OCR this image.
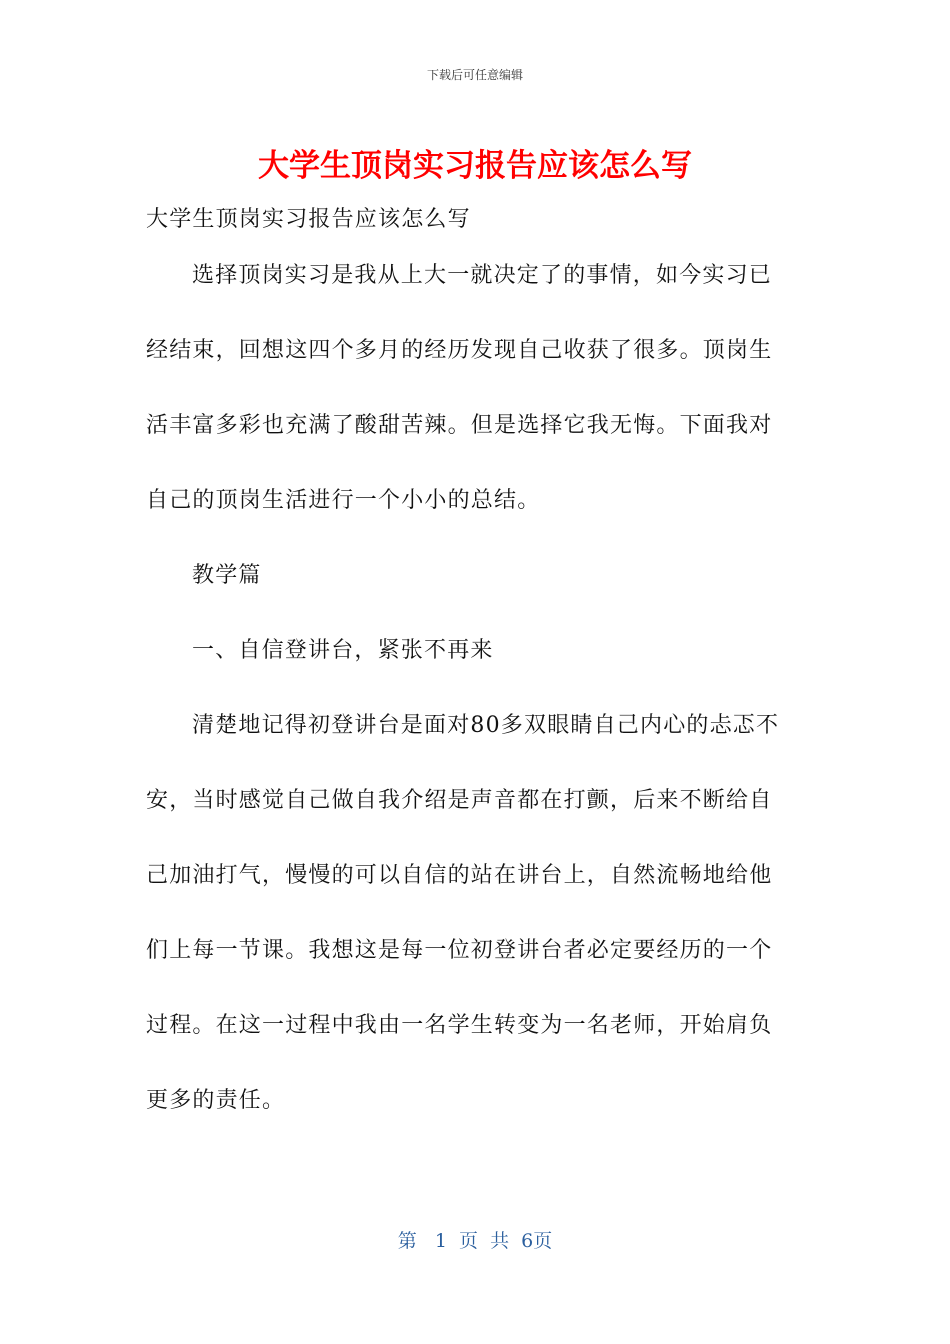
下载后可任意编辑
大学生顶岗实习报告应该怎么写
大学生顶岗实习报告应该怎么写
选择顶岗实习是我从上大一就决定了的事情，如今实习已
经结束，回想这四个多月的经历发现自己收获了很多。顶岗生
活丰富多彩也充满了酸甜苦辣。但是选择它我无悔。下面我对
自己的顶岗生活进行一个小小的总结。
教学篇
一、自信登讲台，紧张不再来
清楚地记得初登讲台是面对80多双眼睛自己内心的忐忑不
安，当时感觉自己做自我介绍是声音都在打颤，后来不断给自
己加油打气，慢慢的可以自信的站在讲台上，自然流畅地给他
们上每一节课。我想这是每一位初登讲台者必定要经历的一个
过程。在这一过程中我由一名学生转变为一名老师，开始肩负
更多的责任。
第   1  页  共  6页
